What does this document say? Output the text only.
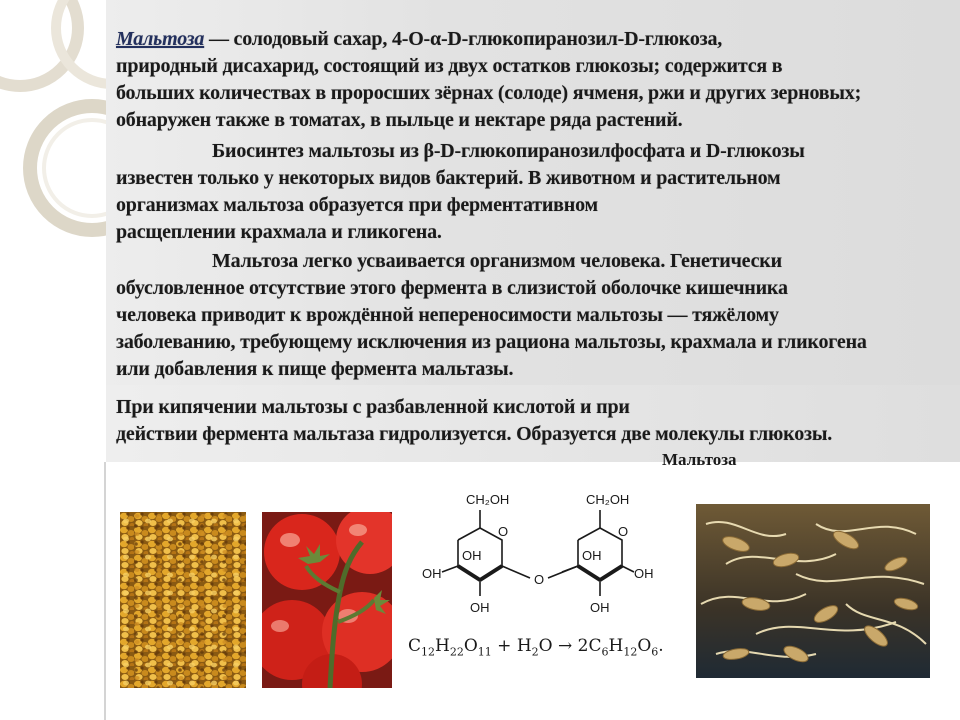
Мальтоза — солодовый сахар, 4-О-α-D-глюкопиранозил-D-глюкоза,
природный дисахарид, состоящий из двух остатков глюкозы; содержится в
больших количествах в проросших зёрнах (солоде) ячменя, ржи и других зерновых;
обнаружен также в томатах, в пыльце и нектаре ряда растений.
Биосинтез мальтозы из β-D-глюкопиранозилфосфата и D-глюкозы
известен только у некоторых видов бактерий. В животном и растительном
организмах мальтоза образуется при ферментативном
расщеплении крахмала и гликогена.
Мальтоза легко усваивается организмом человека. Генетически
обусловленное отсутствие этого фермента в слизистой оболочке кишечника
человека приводит к врождённой непереносимости мальтозы — тяжёлому
заболеванию, требующему исключения из рациона мальтозы, крахмала и гликогена
или добавления к пище фермента мальтазы.
При кипячении мальтозы с разбавленной кислотой и при
действии фермента мальтаза гидролизуется. Образуется две молекулы глюкозы.
Мальтоза
CH₂OH	CH₂OH
O	O
O
OH
OH
OH
OH
OH
OH
$C_{12}H_{22}O_{11} + H_2O \to 2C_6H_{12}O_6$.
